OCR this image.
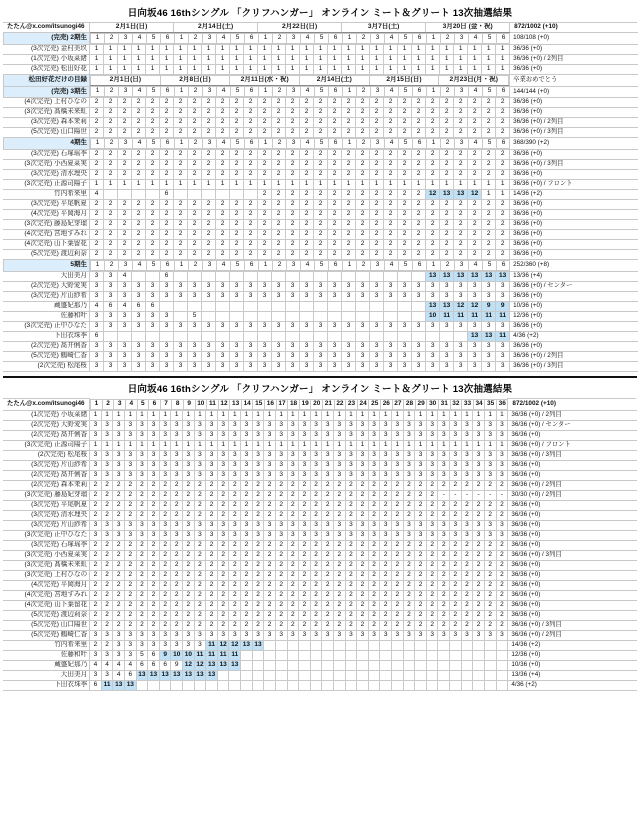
日向坂46 16thシングル 「クリフハンガー」 オンライン ミート＆グリート 13次抽選結果
たたん@x.com/itsunogi46	2月1日(日)	2月14日(土)	2月22日(日)	3月7日(土)	3月20日 (金・祝)	872/1002 (+10)
(完売) 2期生	1	2	3	4	5	6	1	2	3	4	5	6	1	2	3	4	5	6	1	2	3	4	5	6	1	2	3	4	5	6
	108/108 (+0)
(3次完売) 金村美玖	1	1	1	1	1	1	1	1	1	1	1	1	1	1	1	1	1	1	1	1	1	1	1	1	1	1	1	1	1	1	36/36 (+0)
(1次完売) 小坂菜緒	1	1	1	1	1	1	1	1	1	1	1	1	1	1	1	1	1	1	1	1	1	1	1	1	1	1	1	1	1	1	36/36 (+0) / 2列目
(3次完売) 松田好花	1	1	1	1	1	1	1	1	1	1	1	1	1	1	1	1	1	1	1	1	1	1	1	1	1	1	1	1	1	1	36/36 (+0)
松田好花だけの目録		2月1日(日)	2月8日(日)	2月11日(水・祝)	2月14日(土)	2月15日(日)	2月23日(月・祝)
	卒業おめでとう
(完売) 3期生	1	2	3	4	5	6	1	2	3	4	5	6	1	2	3	4	5	6	1	2	3	4	5	6	1	2	3	4	5	6
	144/144 (+0)
(4次完売) 上村ひなの	2	2	2	2	2	2	2	2	2	2	2	2	2	2	2	2	2	2	2	2	2	2	2	2	2	2	2	2	2	2	36/36 (+0)
(3次完売) 髙橋未来虹	2	2	2	2	2	2	2	2	2	2	2	2	2	2	2	2	2	2	2	2	2	2	2	2	2	2	2	2	2	2	36/36 (+0)
(3次完売) 森本茉莉	2	2	2	2	2	2	2	2	2	2	2	2	2	2	2	2	2	2	2	2	2	2	2	2	2	2	2	2	2	2	36/36 (+0) / 2列目
(5次完売) 山口陽世	2	2	2	2	2	2	2	2	2	2	2	2	2	2	2	2	2	2	2	2	2	2	2	2	2	2	2	2	2	2	36/36 (+0) / 3列目
4期生	1	2	3	4	5	6	1	2	3	4	5	6	1	2	3	4	5	6	1	2	3	4	5	6	1	2	3	4	5	6
	368/390 (+2)
(3次完売) 石塚瑶季	2	2	2	2	2	2	2	2	2	2	2	2	2	2	2	2	2	2	2	2	2	2	2	2	2	2	2	2	2	2	36/36 (+0)
(3次完売) 小西夏菜実	2	2	2	2	2	2	2	2	2	2	2	2	2	2	2	2	2	2	2	2	2	2	2	2	2	2	2	2	2	2	36/36 (+0) / 3列目
(3次完売) 清水理央	2	2	2	2	2	2	2	2	2	2	2	2	2	2	2	2	2	2	2	2	2	2	2	2	2	2	2	2	2	2	36/36 (+0)
(3次完売) 正源司陽子	1	1	1	1	1	1	1	1	1	1	1	1	1	1	1	1	1	1	1	1	1	1	1	1	1	1	1	1	1	1	36/36 (+0) / フロント
竹内希来里	4					6							2	2	2	2	2	2	2	2	2	2	2	2	12	13	13	12	1	1	14/36 (+2)
(3次完売) 平尾帆夏	2	2	2	2	2	2	2	2	2	2	2	2	2	2	2	2	2	2	2	2	2	2	2	2	2	2	2	2	2	2	36/36 (+0)
(4次完売) 平岡海月	2	2	2	2	2	2	2	2	2	2	2	2	2	2	2	2	2	2	2	2	2	2	2	2	2	2	2	2	2	2	36/36 (+0)
(3次完売) 藤島妃芽瑠	2	2	2	2	2	2	2	2	2	2	2	2	2	2	2	2	2	2	2	2	2	2	2	2	2	2	2	2	2	2	36/36 (+0)
(4次完売) 宮地すみれ	2	2	2	2	2	2	2	2	2	2	2	2	2	2	2	2	2	2	2	2	2	2	2	2	2	2	2	2	2	2	36/36 (+0)
(4次完売) 山下葉留花	2	2	2	2	2	2	2	2	2	2	2	2	2	2	2	2	2	2	2	2	2	2	2	2	2	2	2	2	2	2	36/36 (+0)
(5次完売) 渡辺莉奈	2	2	2	2	2	2	2	2	2	2	2	2	2	2	2	2	2	2	2	2	2	2	2	2	2	2	2	2	2	2	36/36 (+0)
5期生	1	2	3	4	5	6	1	2	3	4	5	6	1	2	3	4	5	6	1	2	3	4	5	6	1	2	3	4	5	6
	252/360 (+8)
大田美月	3	3	4			6																			13	13	13	13	13	13	13/36 (+4)
(2次完売) 大野愛実	3	3	3	3	3	3	3	3	3	3	3	3	3	3	3	3	3	3	3	3	3	3	3	3	3	3	3	3	3	3	36/36 (+0) / センター
(3次完売) 片山紗希	3	3	3	3	3	3	3	3	3	3	3	3	3	3	3	3	3	3	3	3	3	3	3	3	3	3	3	3	3	3	36/36 (+0)
蔵盛妃那乃	4	6	4	6	6																				13	13	12	12	9	9	10/36 (+0)
佐藤和叶	3	3	3	3	3	3		5																	10	11	11	11	11	11	12/36 (+0)
(3次完売) 正中ひなた	3	3	3	3	3	3	3	3	3	3	3	3	3	3	3	3	3	3	3	3	3	3	3	3	3	3	3	3	3	3	36/36 (+0)
下田衣珠季	6																											13	13	11	4/36 (+2)
(2次完売) 髙井俐香	3	3	3	3	3	3	3	3	3	3	3	3	3	3	3	3	3	3	3	3	3	3	3	3	3	3	3	3	3	3	36/36 (+0)
(5次完売) 鶴崎仁香	3	3	3	3	3	3	3	3	3	3	3	3	3	3	3	3	3	3	3	3	3	3	3	3	3	3	3	3	3	3	36/36 (+0) / 2列目
(2次完売) 松尾桜	3	3	3	3	3	3	3	3	3	3	3	3	3	3	3	3	3	3	3	3	3	3	3	3	3	3	3	3	3	3	36/36 (+0) / 3列目
日向坂46 16thシングル 「クリフハンガー」 オンライン ミート＆グリート 13次抽選結果
たたん@x.com/itsunogi46	1	2	3	4	5	6	7	8	9	10	11	12	13	14	15	16	17	18	19	20	21	22	23	24	25	26	27	28	29	30	31	32	33	34	35	36
	872/1002 (+10)
(1次完売) 小坂菜緒	1	1	1	1	1	1	1	1	1	1	1	1	1	1	1	1	1	1	1	1	1	1	1	1	1	1	1	1	1	1	1	1	1	1	1	1	36/36 (+0) / 2列目
(2次完売) 大野愛実	3	3	3	3	3	3	3	3	3	3	3	3	3	3	3	3	3	3	3	3	3	3	3	3	3	3	3	3	3	3	3	3	3	3	3	3	36/36 (+0) / センター
(2次完売) 髙井俐香	3	3	3	3	3	3	3	3	3	3	3	3	3	3	3	3	3	3	3	3	3	3	3	3	3	3	3	3	3	3	3	3	3	3	3	3	36/36 (+0)
(3次完売) 正源司陽子	1	1	1	1	1	1	1	1	1	1	1	1	1	1	1	1	1	1	1	1	1	1	1	1	1	1	1	1	1	1	1	1	1	1	1	1	36/36 (+0) / フロント
(2次完売) 松尾桜	3	3	3	3	3	3	3	3	3	3	3	3	3	3	3	3	3	3	3	3	3	3	3	3	3	3	3	3	3	3	3	3	3	3	3	3	36/36 (+0) / 3列目
(3次完売) 片山紗希	3	3	3	3	3	3	3	3	3	3	3	3	3	3	3	3	3	3	3	3	3	3	3	3	3	3	3	3	3	3	3	3	3	3	3	3	36/36 (+0)
(2次完売) 髙井俐香	3	3	3	3	3	3	3	3	3	3	3	3	3	3	3	3	3	3	3	3	3	3	3	3	3	3	3	3	3	3	3	3	3	3	3	3	36/36 (+0)
(2次完売) 森本茉莉	2	2	2	2	2	2	2	2	2	2	2	2	2	2	2	2	2	2	2	2	2	2	2	2	2	2	2	2	2	2	2	2	2	2	2	2	36/36 (+0) / 2列目
(3次完売) 藤島妃芽瑠	2	2	2	2	2	2	2	2	2	2	2	2	2	2	2	2	2	2	2	2	2	2	2	2	2	2	2	2	2	2	-	-	-	-	-	-	30/30 (+0) / 2列目
(3次完売) 平尾帆夏	2	2	2	2	2	2	2	2	2	2	2	2	2	2	2	2	2	2	2	2	2	2	2	2	2	2	2	2	2	2	2	2	2	2	2	2	36/36 (+0)
(3次完売) 清水理央	2	2	2	2	2	2	2	2	2	2	2	2	2	2	2	2	2	2	2	2	2	2	2	2	2	2	2	2	2	2	2	2	2	2	2	2	36/36 (+0)
(3次完売) 片山紗希	3	3	3	3	3	3	3	3	3	3	3	3	3	3	3	3	3	3	3	3	3	3	3	3	3	3	3	3	3	3	3	3	3	3	3	3	36/36 (+0)
(3次完売) 正中ひなた	3	3	3	3	3	3	3	3	3	3	3	3	3	3	3	3	3	3	3	3	3	3	3	3	3	3	3	3	3	3	3	3	3	3	3	3	36/36 (+0)
(3次完売) 石塚瑶季	2	2	2	2	2	2	2	2	2	2	2	2	2	2	2	2	2	2	2	2	2	2	2	2	2	2	2	2	2	2	2	2	2	2	2	2	36/36 (+0)
(3次完売) 小西夏菜実	2	2	2	2	2	2	2	2	2	2	2	2	2	2	2	2	2	2	2	2	2	2	2	2	2	2	2	2	2	2	2	2	2	2	2	2	36/36 (+0) / 3列目
(3次完売) 髙橋未来虹	2	2	2	2	2	2	2	2	2	2	2	2	2	2	2	2	2	2	2	2	2	2	2	2	2	2	2	2	2	2	2	2	2	2	2	2	36/36 (+0)
(3次完売) 上村ひなの	2	2	2	2	2	2	2	2	2	2	2	2	2	2	2	2	2	2	2	2	2	2	2	2	2	2	2	2	2	2	2	2	2	2	2	2	36/36 (+0)
(4次完売) 平岡海月	2	2	2	2	2	2	2	2	2	2	2	2	2	2	2	2	2	2	2	2	2	2	2	2	2	2	2	2	2	2	2	2	2	2	2	2	36/36 (+0)
(4次完売) 宮地すみれ	2	2	2	2	2	2	2	2	2	2	2	2	2	2	2	2	2	2	2	2	2	2	2	2	2	2	2	2	2	2	2	2	2	2	2	2	36/36 (+0)
(4次完売) 山下葉留花	2	2	2	2	2	2	2	2	2	2	2	2	2	2	2	2	2	2	2	2	2	2	2	2	2	2	2	2	2	2	2	2	2	2	2	2	36/36 (+0)
(5次完売) 渡辺莉奈	2	2	2	2	2	2	2	2	2	2	2	2	2	2	2	2	2	2	2	2	2	2	2	2	2	2	2	2	2	2	2	2	2	2	2	2	36/36 (+0)
(5次完売) 山口陽世	2	2	2	2	2	2	2	2	2	2	2	2	2	2	2	2	2	2	2	2	2	2	2	2	2	2	2	2	2	2	2	2	2	2	2	2	36/36 (+0) / 3列目
(5次完売) 鶴崎仁香	3	3	3	3	3	3	3	3	3	3	3	3	3	3	3	3	3	3	3	3	3	3	3	3	3	3	3	3	3	3	3	3	3	3	3	3	36/36 (+0) / 2列目
竹内希来里	2	2	3	3	3	3	3	3	3	3	11	12	12	13	13																						14/36 (+2)
佐藤和叶	3	3	3	3	5	6	9	10	10	11	11	11	11																								12/36 (+0)
蔵盛妃那乃	4	4	4	4	6	6	6	9	12	12	13	13	13																								10/36 (+0)
大田美月	3	3	4	6	13	13	13	13	13	13	13																										13/36 (+4)
下田衣珠季	6	11	13	13																																	4/36 (+2)
